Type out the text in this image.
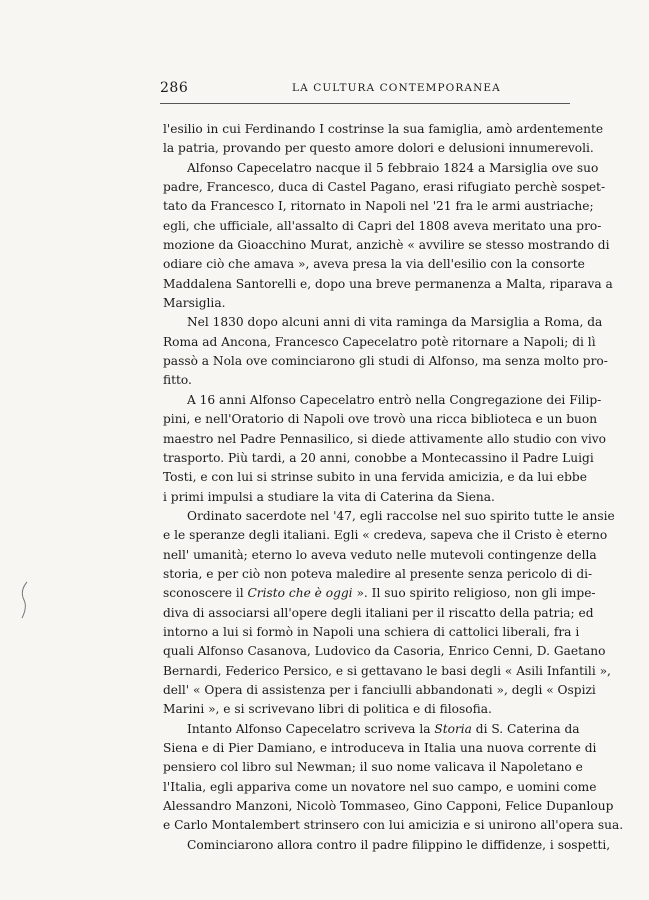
286	LA CULTURA CONTEMPORANEA
l'esilio in cui Ferdinando I costrinse la sua famiglia, amò ardentemente
la patria, provando per questo amore dolori e delusioni innumerevoli.
Alfonso Capecelatro nacque il 5 febbraio 1824 a Marsiglia ove suo
padre, Francesco, duca di Castel Pagano, erasi rifugiato perchè sospet-
tato da Francesco I, ritornato in Napoli nel '21 fra le armi austriache;
egli, che ufficiale, all'assalto di Capri del 1808 aveva meritato una pro-
mozione da Gioacchino Murat, anzichè « avvilire se stesso mostrando di
odiare ciò che amava », aveva presa la via dell'esilio con la consorte
Maddalena Santorelli e, dopo una breve permanenza a Malta, riparava a
Marsiglia.
Nel 1830 dopo alcuni anni di vita raminga da Marsiglia a Roma, da
Roma ad Ancona, Francesco Capecelatro potè ritornare a Napoli; di lì
passò a Nola ove cominciarono gli studi di Alfonso, ma senza molto pro-
fitto.
A 16 anni Alfonso Capecelatro entrò nella Congregazione dei Filip-
pini, e nell'Oratorio di Napoli ove trovò una ricca biblioteca e un buon
maestro nel Padre Pennasilico, si diede attivamente allo studio con vivo
trasporto. Più tardi, a 20 anni, conobbe a Montecassino il Padre Luigi
Tosti, e con lui si strinse subito in una fervida amicizia, e da lui ebbe
i primi impulsi a studiare la vita di Caterina da Siena.
Ordinato sacerdote nel '47, egli raccolse nel suo spirito tutte le ansie
e le speranze degli italiani. Egli « credeva, sapeva che il Cristo è eterno
nell' umanità; eterno lo aveva veduto nelle mutevoli contingenze della
storia, e per ciò non poteva maledire al presente senza pericolo di di-
sconoscere il Cristo che è oggi ». Il suo spirito religioso, non gli impe-
diva di associarsi all'opere degli italiani per il riscatto della patria; ed
intorno a lui si formò in Napoli una schiera di cattolici liberali, fra i
quali Alfonso Casanova, Ludovico da Casoria, Enrico Cenni, D. Gaetano
Bernardi, Federico Persico, e si gettavano le basi degli « Asili Infantili »,
dell' « Opera di assistenza per i fanciulli abbandonati », degli « Ospizi
Marini », e si scrivevano libri di politica e di filosofia.
Intanto Alfonso Capecelatro scriveva la Storia di S. Caterina da
Siena e di Pier Damiano, e introduceva in Italia una nuova corrente di
pensiero col libro sul Newman; il suo nome valicava il Napoletano e
l'Italia, egli appariva come un novatore nel suo campo, e uomini come
Alessandro Manzoni, Nicolò Tommaseo, Gino Capponi, Felice Dupanloup
e Carlo Montalembert strinsero con lui amicizia e si unirono all'opera sua.
Cominciarono allora contro il padre filippino le diffidenze, i sospetti,
